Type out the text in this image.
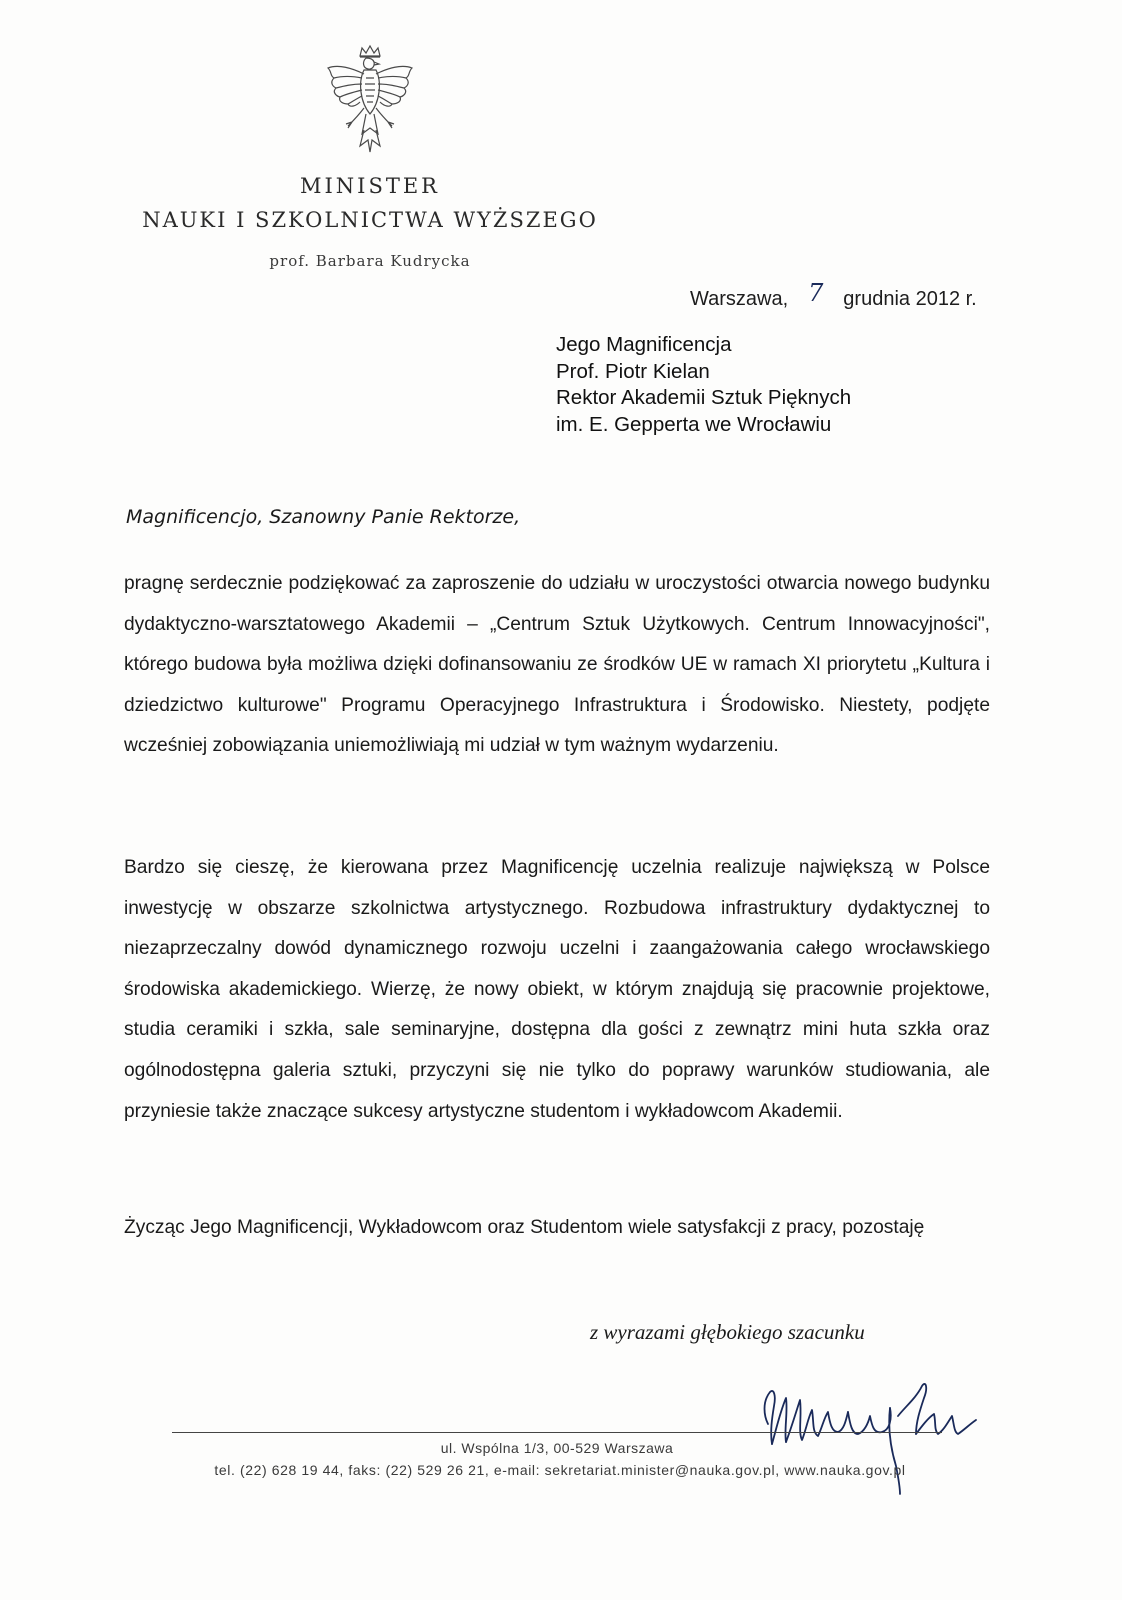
MINISTER
NAUKI I SZKOLNICTWA WYŻSZEGO
prof. Barbara Kudrycka
Warszawa, 7 grudnia 2012 r.
Jego Magnificencja
Prof. Piotr Kielan
Rektor Akademii Sztuk Pięknych
im. E. Gepperta we Wrocławiu
Magnificencjo, Szanowny Panie Rektorze,

pragnę serdecznie podziękować za zaproszenie do udziału w uroczystości otwarcia nowego budynku dydaktyczno-warsztatowego Akademii – „Centrum Sztuk Użytkowych. Centrum Innowacyjności", którego budowa była możliwa dzięki dofinansowaniu ze środków UE w ramach XI priorytetu „Kultura i dziedzictwo kulturowe" Programu Operacyjnego Infrastruktura i Środowisko. Niestety, podjęte wcześniej zobowiązania uniemożliwiają mi udział w tym ważnym wydarzeniu.

Bardzo się cieszę, że kierowana przez Magnificencję uczelnia realizuje największą w Polsce inwestycję w obszarze szkolnictwa artystycznego. Rozbudowa infrastruktury dydaktycznej to niezaprzeczalny dowód dynamicznego rozwoju uczelni i zaangażowania całego wrocławskiego środowiska akademickiego. Wierzę, że nowy obiekt, w którym znajdują się pracownie projektowe, studia ceramiki i szkła, sale seminaryjne, dostępna dla gości z zewnątrz mini huta szkła oraz ogólnodostępna galeria sztuki, przyczyni się nie tylko do poprawy warunków studiowania, ale przyniesie także znaczące sukcesy artystyczne studentom i wykładowcom Akademii.

Życząc Jego Magnificencji, Wykładowcom oraz Studentom wiele satysfakcji z pracy, pozostaję

z wyrazami głębokiego szacunku
ul. Wspólna 1/3, 00-529 Warszawa
tel. (22) 628 19 44, faks: (22) 529 26 21, e-mail: sekretariat.minister@nauka.gov.pl, www.nauka.gov.pl
